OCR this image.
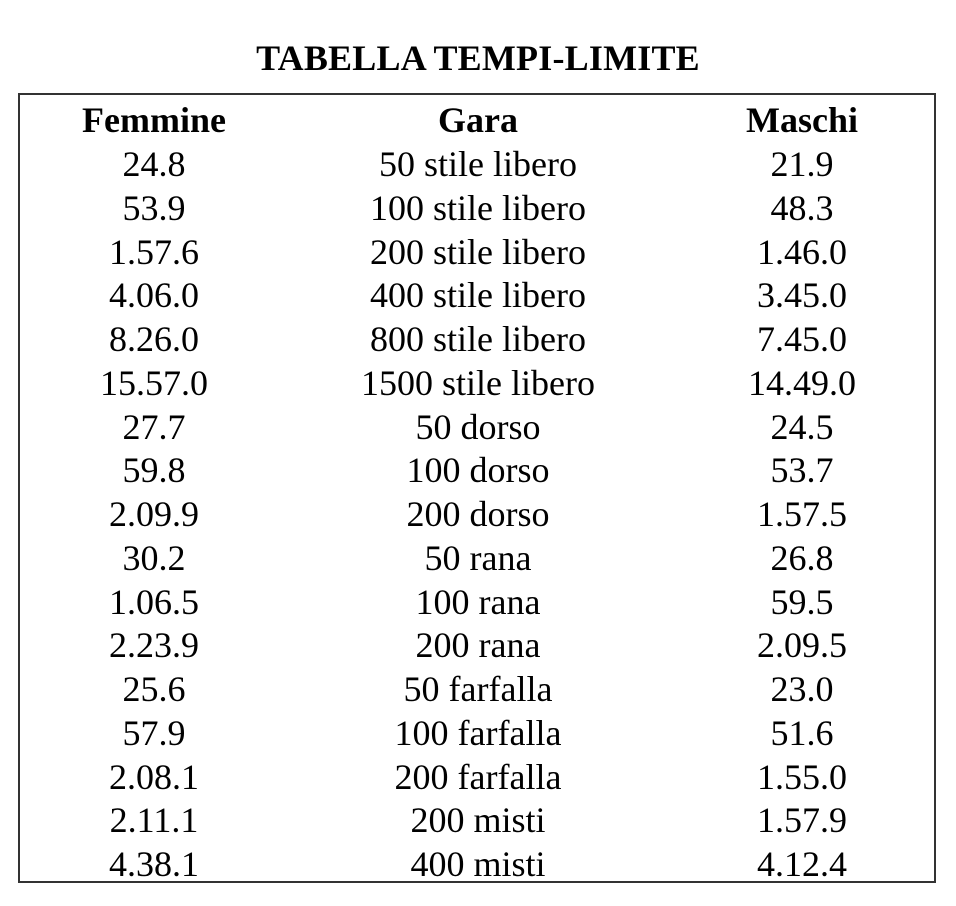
TABELLA TEMPI-LIMITE
Femmine	Gara	Maschi
24.8	50 stile libero	21.9
53.9	100 stile libero	48.3
1.57.6	200 stile libero	1.46.0
4.06.0	400 stile libero	3.45.0
8.26.0	800 stile libero	7.45.0
15.57.0	1500 stile libero	14.49.0
27.7	50 dorso	24.5
59.8	100 dorso	53.7
2.09.9	200 dorso	1.57.5
30.2	50 rana	26.8
1.06.5	100 rana	59.5
2.23.9	200 rana	2.09.5
25.6	50 farfalla	23.0
57.9	100 farfalla	51.6
2.08.1	200 farfalla	1.55.0
2.11.1	200 misti	1.57.9
4.38.1	400 misti	4.12.4
